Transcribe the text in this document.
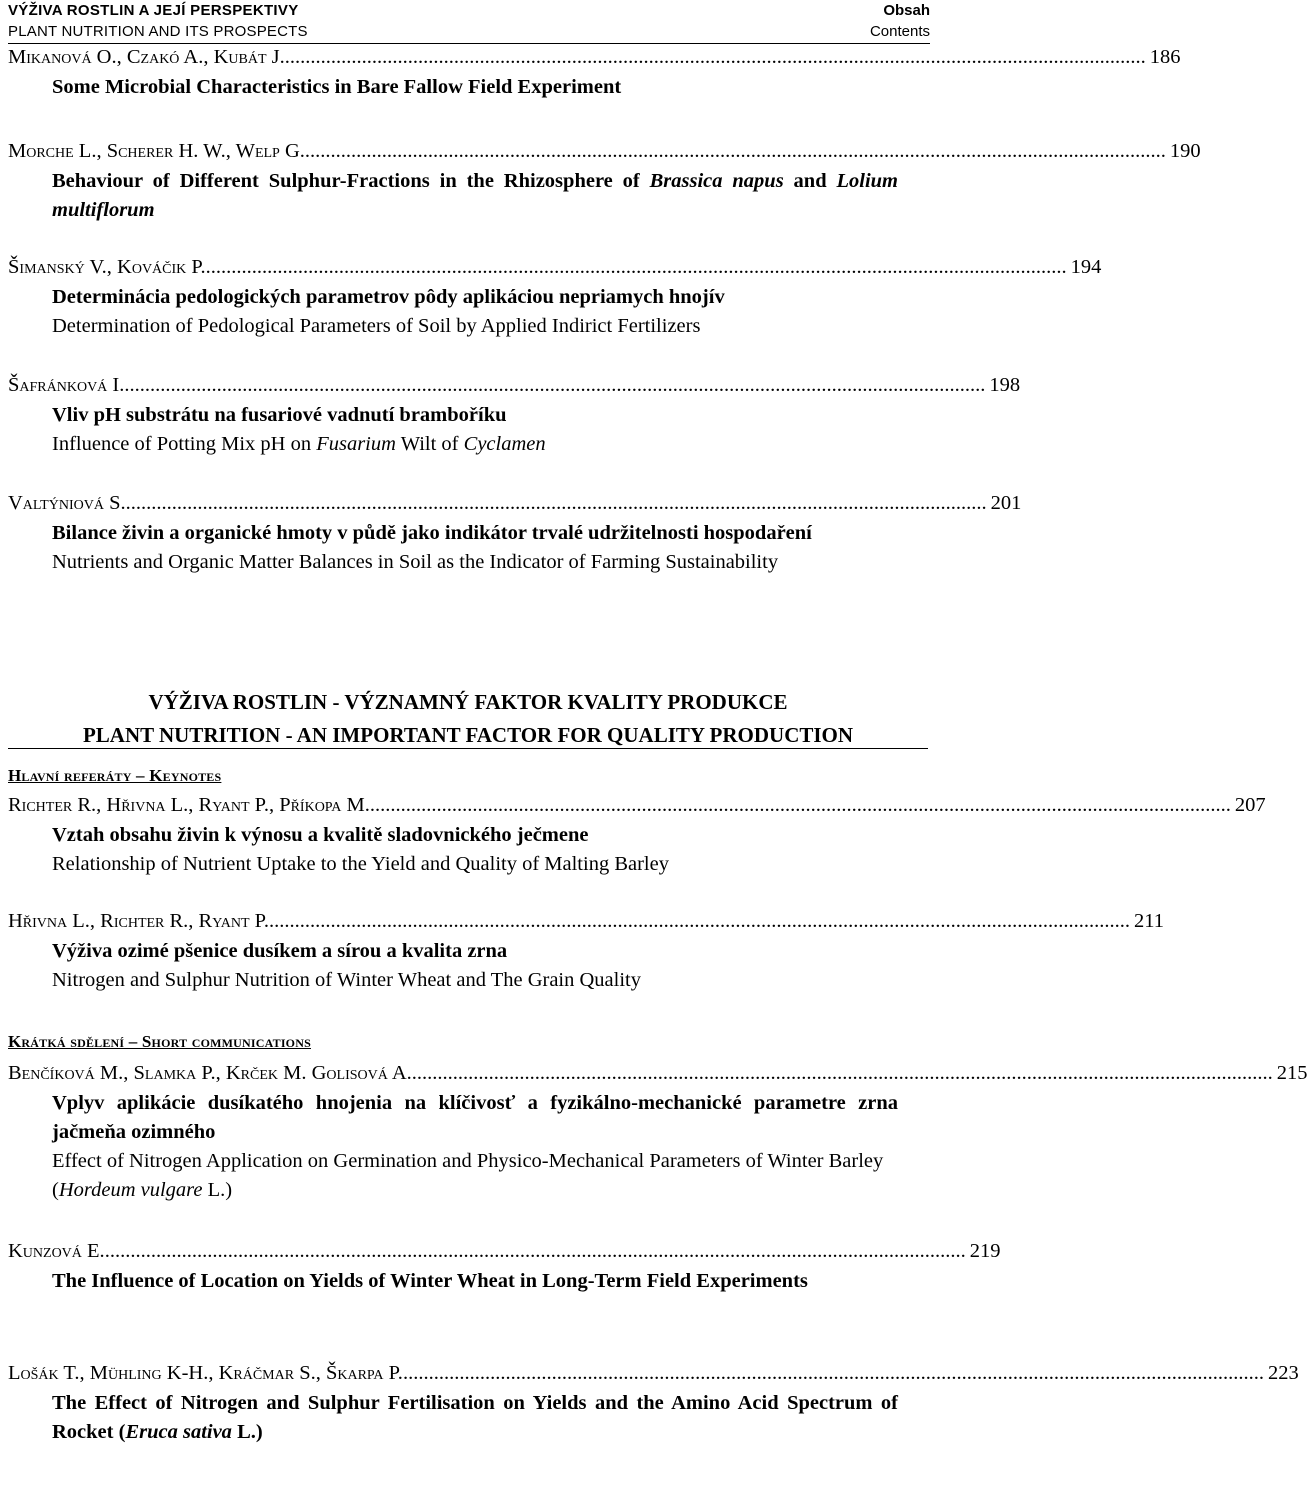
VÝŽIVA ROSTLIN A JEJÍ PERSPEKTIVY
PLANT NUTRITION AND ITS PROSPECTS
Obsah
Contents
Mikanová O., Czakó A., Kubát J. ........................................................................................................................................................................ 186
Some Microbial Characteristics in Bare Fallow Field Experiment
Morche L., Scherer H. W., Welp G. ........................................................................................................................................................................ 190
Behaviour of Different Sulphur-Fractions in the Rhizosphere of Brassica napus and Lolium multiflorum
Šimanský V., Kováčik P. ........................................................................................................................................................................ 194
Determinácia pedologických parametrov pôdy aplikáciou nepriamych hnojív
Determination of Pedological Parameters of Soil by Applied Indirict Fertilizers
Šafránková I. ........................................................................................................................................................................ 198
Vliv pH substrátu na fusariové vadnutí bramboříku
Influence of Potting Mix pH on Fusarium Wilt of Cyclamen
Valtýniová S. ........................................................................................................................................................................ 201
Bilance živin a organické hmoty v půdě jako indikátor trvalé udržitelnosti hospodaření
Nutrients and Organic Matter Balances in Soil as the Indicator of Farming Sustainability
VÝŽIVA ROSTLIN - VÝZNAMNÝ FAKTOR KVALITY PRODUKCE
PLANT NUTRITION - AN IMPORTANT FACTOR FOR QUALITY PRODUCTION
Hlavní referáty – Keynotes
Richter R., Hřivna L., Ryant P., Příkopa M. ........................................................................................................................................................................ 207
Vztah obsahu živin k výnosu a kvalitě sladovnického ječmene
Relationship of Nutrient Uptake to the Yield and Quality of Malting Barley
Hřivna L., Richter R., Ryant P. ........................................................................................................................................................................ 211
Výživa ozimé pšenice dusíkem a sírou a kvalita zrna
Nitrogen and Sulphur Nutrition of Winter Wheat and The Grain Quality
Krátká sdělení – Short communications
Benčíková M., Slamka P., Krček M. Golisová A. ........................................................................................................................................................................ 215
Vplyv aplikácie dusíkatého hnojenia na klíčivosť a fyzikálno-mechanické parametre zrna jačmeňa ozimného
Effect of Nitrogen Application on Germination and Physico-Mechanical Parameters of Winter Barley (Hordeum vulgare L.)
Kunzová E. ........................................................................................................................................................................ 219
The Influence of Location on Yields of Winter Wheat in Long-Term Field Experiments
Lošák T., Mühling K-H., Kráčmar S., Škarpa P. ........................................................................................................................................................................ 223
The Effect of Nitrogen and Sulphur Fertilisation on Yields and the Amino Acid Spectrum of Rocket (Eruca sativa L.)
